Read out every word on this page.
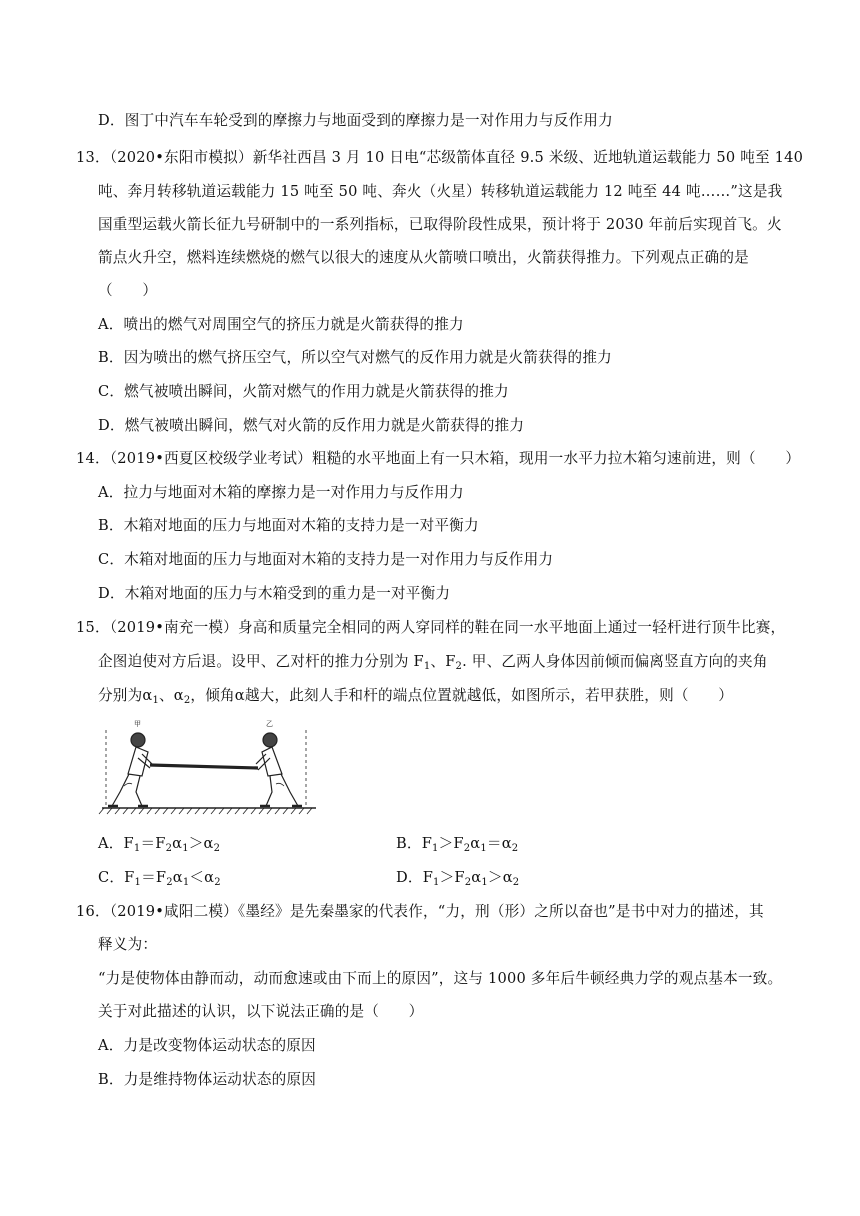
D．图丁中汽车车轮受到的摩擦力与地面受到的摩擦力是一对作用力与反作用力
13．（2020•东阳市模拟）新华社西昌 3 月 10 日电“芯级箭体直径 9.5 米级、近地轨道运载能力 50 吨至 140
吨、奔月转移轨道运载能力 15 吨至 50 吨、奔火（火星）转移轨道运载能力 12 吨至 44 吨……”这是我
国重型运载火箭长征九号研制中的一系列指标，已取得阶段性成果，预计将于 2030 年前后实现首飞。火
箭点火升空，燃料连续燃烧的燃气以很大的速度从火箭喷口喷出，火箭获得推力。下列观点正确的是
（　　）
A．喷出的燃气对周围空气的挤压力就是火箭获得的推力
B．因为喷出的燃气挤压空气，所以空气对燃气的反作用力就是火箭获得的推力
C．燃气被喷出瞬间，火箭对燃气的作用力就是火箭获得的推力
D．燃气被喷出瞬间，燃气对火箭的反作用力就是火箭获得的推力
14．（2019•西夏区校级学业考试）粗糙的水平地面上有一只木箱，现用一水平力拉木箱匀速前进，则（　　）
A．拉力与地面对木箱的摩擦力是一对作用力与反作用力
B．木箱对地面的压力与地面对木箱的支持力是一对平衡力
C．木箱对地面的压力与地面对木箱的支持力是一对作用力与反作用力
D．木箱对地面的压力与木箱受到的重力是一对平衡力
15．（2019•南充一模）身高和质量完全相同的两人穿同样的鞋在同一水平地面上通过一轻杆进行顶牛比赛，
企图迫使对方后退。设甲、乙对杆的推力分别为 $F_1$、$F_2$. 甲、乙两人身体因前倾而偏离竖直方向的夹角
分别为$\alpha_1$、$\alpha_2$，倾角α越大，此刻人手和杆的端点位置就越低，如图所示，若甲获胜，则（　　）
甲	乙
A．$F_1=F_2\alpha_1>\alpha_2$	B．$F_1>F_2\alpha_1=\alpha_2$
C．$F_1=F_2\alpha_1<\alpha_2$	D．$F_1>F_2\alpha_1>\alpha_2$
16．（2019•咸阳二模）《墨经》是先秦墨家的代表作，“力，刑（形）之所以奋也”是书中对力的描述，其
释义为：
“力是使物体由静而动，动而愈速或由下而上的原因”，这与 1000 多年后牛顿经典力学的观点基本一致。
关于对此描述的认识，以下说法正确的是（　　）
A．力是改变物体运动状态的原因
B．力是维持物体运动状态的原因
